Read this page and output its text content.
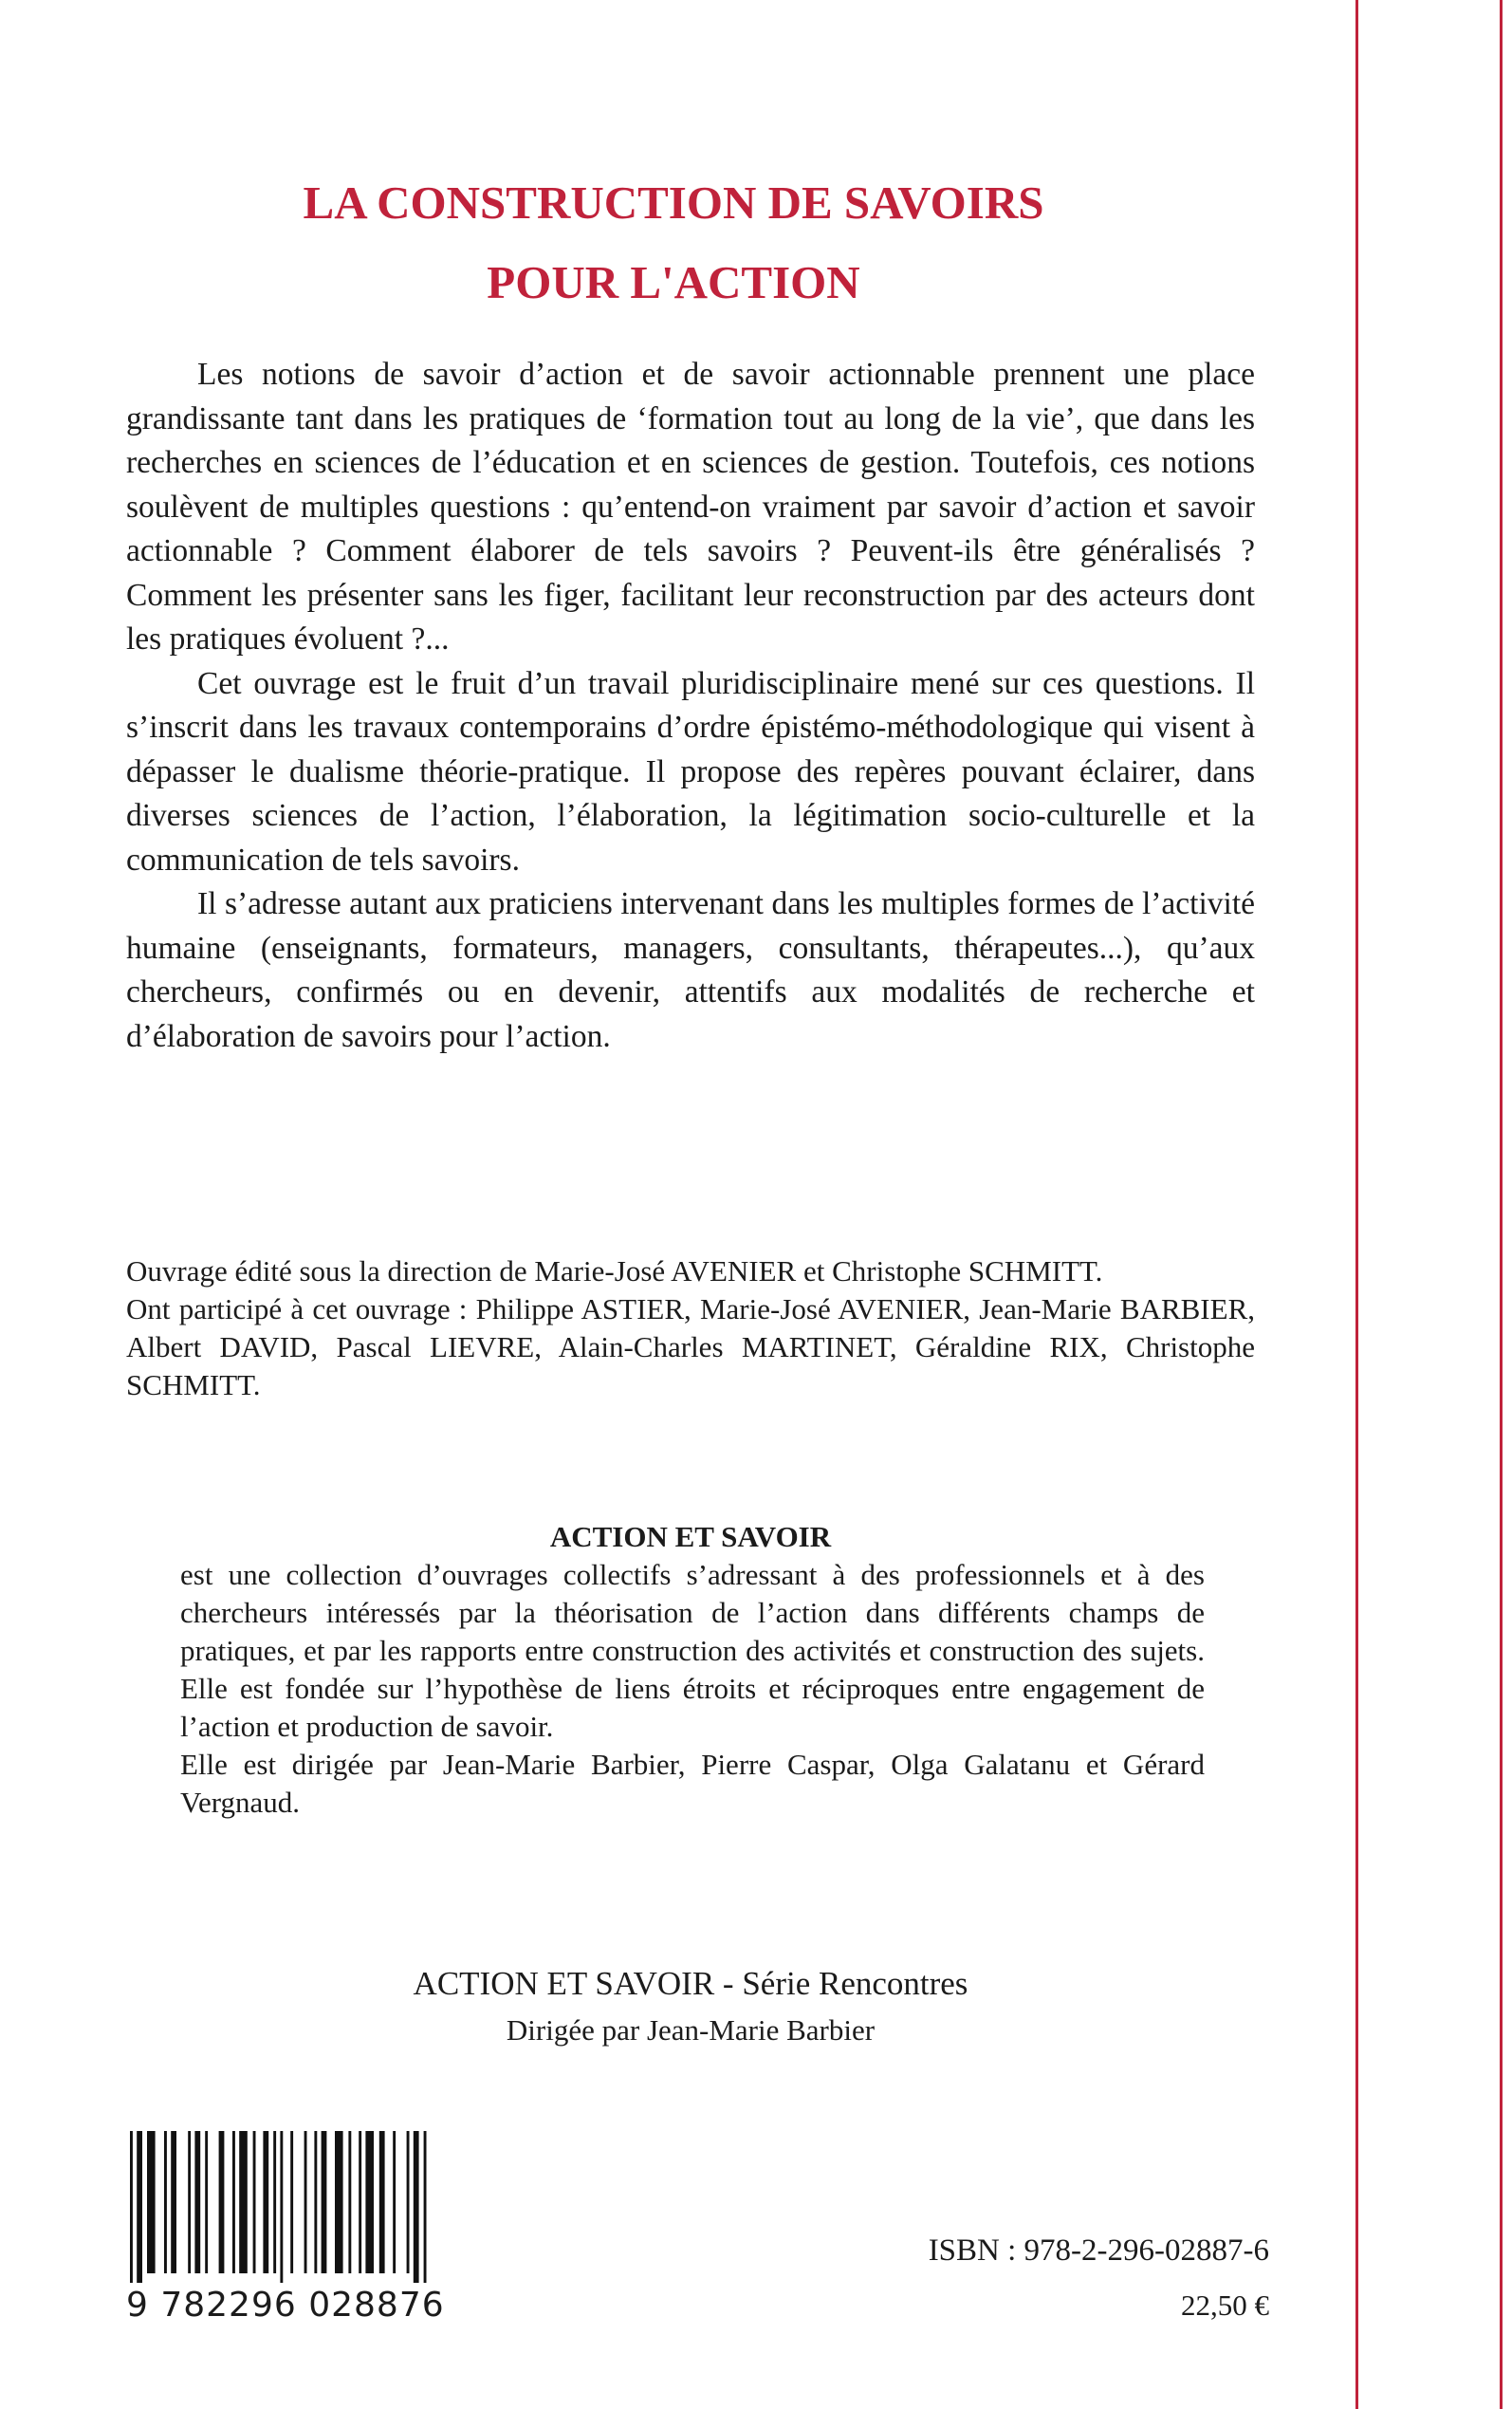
LA CONSTRUCTION DE SAVOIRS
POUR L'ACTION

Les notions de savoir d’action et de savoir actionnable prennent une place grandissante tant dans les pratiques de ‘formation tout au long de la vie’, que dans les recherches en sciences de l’éducation et en sciences de gestion. Toutefois, ces notions soulèvent de multiples questions : qu’entend-on vraiment par savoir d’action et savoir actionnable ? Comment élaborer de tels savoirs ? Peuvent-ils être généralisés ? Comment les présenter sans les figer, facilitant leur reconstruction par des acteurs dont les pratiques évoluent ?...

Cet ouvrage est le fruit d’un travail pluridisciplinaire mené sur ces questions. Il s’inscrit dans les travaux contemporains d’ordre épistémo-méthodologique qui visent à dépasser le dualisme théorie-pratique. Il propose des repères pouvant éclairer, dans diverses sciences de l’action, l’élaboration, la légitimation socio-culturelle et la communication de tels savoirs.

Il s’adresse autant aux praticiens intervenant dans les multiples formes de l’activité humaine (enseignants, formateurs, managers, consultants, thérapeutes...), qu’aux chercheurs, confirmés ou en devenir, attentifs aux modalités de recherche et d’élaboration de savoirs pour l’action.

Ouvrage édité sous la direction de Marie-José AVENIER et Christophe SCHMITT.

Ont participé à cet ouvrage : Philippe ASTIER, Marie-José AVENIER, Jean-Marie BARBIER, Albert DAVID, Pascal LIEVRE, Alain-Charles MARTINET, Géraldine RIX, Christophe SCHMITT.

ACTION ET SAVOIR

est une collection d’ouvrages collectifs s’adressant à des professionnels et à des chercheurs intéressés par la théorisation de l’action dans différents champs de pratiques, et par les rapports entre construction des activités et construction des sujets. Elle est fondée sur l’hypothèse de liens étroits et réciproques entre engagement de l’action et production de savoir.

Elle est dirigée par Jean-Marie Barbier, Pierre Caspar, Olga Galatanu et Gérard Vergnaud.

ACTION ET SAVOIR - Série Rencontres
Dirigée par Jean-Marie Barbier
9 782296 028876
ISBN : 978-2-296-02887-6
22,50 €
